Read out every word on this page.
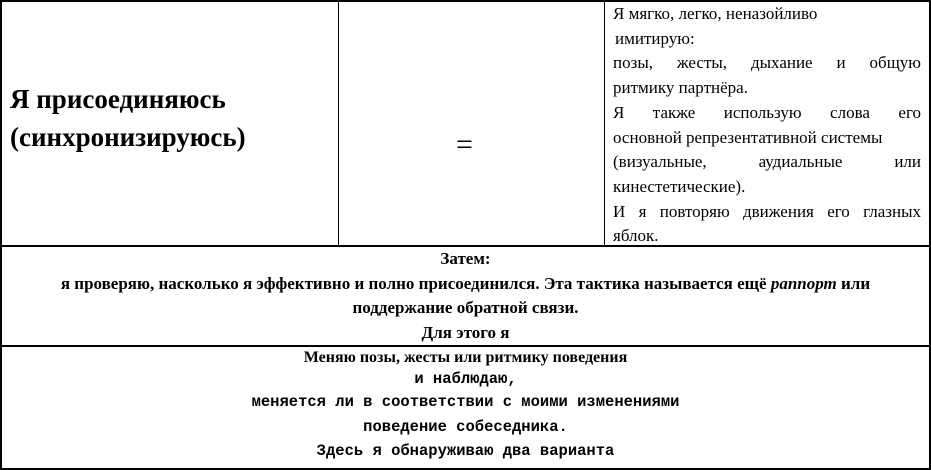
Я присоединяюсь
(синхронизируюсь)	=

Я мягко, легко, неназойливо

имитирую:

позы, жесты, дыхание и общую

ритмику партнёра.

Я также использую слова его

основной репрезентативной системы

(визуальные, аудиальные или

кинестетические).

И я повторяю движения его глазных

яблок.

Затем:
я проверяю, насколько я эффективно и полно присоединился. Эта тактика называется ещё раппорт или
поддержание обратной связи.
Для этого я
Меняю позы, жесты или ритмику поведения
и наблюдаю,
меняется ли в соответствии с моими изменениями
поведение собеседника.
Здесь я обнаруживаю два варианта
